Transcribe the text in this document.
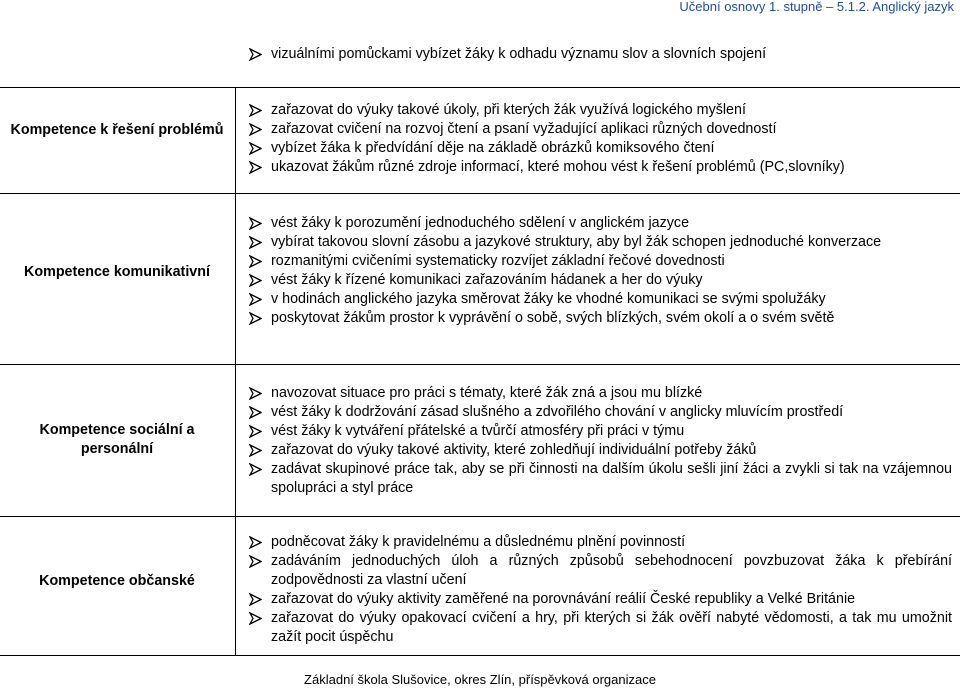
Učební osnovy 1. stupně – 5.1.2. Anglický jazyk
vizuálními pomůckami vybízet žáky k odhadu významu slov a slovních spojení
Kompetence k řešení problémů
zařazovat do výuky takové úkoly, při kterých žák využívá logického myšlení
zařazovat cvičení na rozvoj čtení a psaní vyžadující aplikaci různých dovedností
vybízet žáka k předvídání děje na základě obrázků komiksového čtení
ukazovat žákům různé zdroje informací, které mohou vést k řešení problémů (PC,slovníky)
Kompetence komunikativní
vést žáky k porozumění jednoduchého sdělení v anglickém jazyce
vybírat takovou slovní zásobu a jazykové struktury, aby byl žák schopen jednoduché konverzace
rozmanitými cvičeními systematicky rozvíjet základní řečové dovednosti
vést žáky k řízené komunikaci zařazováním hádanek a her do výuky
v hodinách anglického jazyka směrovat žáky ke vhodné komunikaci se svými spolužáky
poskytovat žákům prostor k vyprávění o sobě, svých blízkých, svém okolí a o svém světě
Kompetence sociální a personální
navozovat situace pro práci s tématy, které žák zná a jsou mu blízké
vést žáky k dodržování zásad slušného a zdvořilého chování v anglicky mluvícím prostředí
vést žáky k vytváření přátelské a tvůrčí atmosféry při práci v týmu
zařazovat do výuky takové aktivity, které zohledňují individuální potřeby žáků
zadávat skupinové práce tak, aby se při činnosti na dalším úkolu sešli jiní žáci a zvykli si tak na vzájemnou spolupráci a styl práce
Kompetence občanské
podněcovat žáky k pravidelnému a důslednému plnění povinností
zadáváním jednoduchých úloh a různých způsobů sebehodnocení povzbuzovat žáka k přebírání zodpovědnosti za vlastní učení
zařazovat do výuky aktivity zaměřené na porovnávání reálií České republiky a Velké Británie
zařazovat do výuky opakovací cvičení a hry, při kterých si žák ověří nabyté vědomosti, a tak mu umožnit zažít pocit úspěchu
Základní škola Slušovice, okres Zlín, příspěvková organizace
